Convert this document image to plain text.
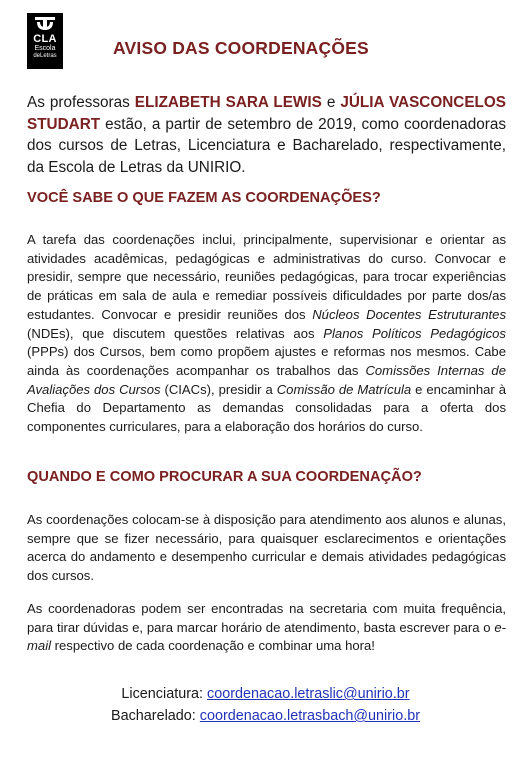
CLA
Escola
deLetras	AVISO DAS COORDENAÇÕES

As professoras ELIZABETH SARA LEWIS e JÚLIA VASCONCELOS STUDART estão, a partir de setembro de 2019, como coordenadoras dos cursos de Letras, Licenciatura e Bacharelado, respectivamente, da Escola de Letras da UNIRIO.

VOCÊ SABE O QUE FAZEM AS COORDENAÇÕES?

A tarefa das coordenações inclui, principalmente, supervisionar e orientar as atividades acadêmicas, pedagógicas e administrativas do curso. Convocar e presidir, sempre que necessário, reuniões pedagógicas, para trocar experiências de práticas em sala de aula e remediar possíveis dificuldades por parte dos/as estudantes. Convocar e presidir reuniões dos Núcleos Docentes Estruturantes (NDEs), que discutem questões relativas aos Planos Políticos Pedagógicos (PPPs) dos Cursos, bem como propõem ajustes e reformas nos mesmos. Cabe ainda às coordenações acompanhar os trabalhos das Comissões Internas de Avaliações dos Cursos (CIACs), presidir a Comissão de Matrícula e encaminhar à Chefia do Departamento as demandas consolidadas para a oferta dos componentes curriculares, para a elaboração dos horários do curso.

QUANDO E COMO PROCURAR A SUA COORDENAÇÃO?

As coordenações colocam-se à disposição para atendimento aos alunos e alunas, sempre que se fizer necessário, para quaisquer esclarecimentos e orientações acerca do andamento e desempenho curricular e demais atividades pedagógicas dos cursos.

As coordenadoras podem ser encontradas na secretaria com muita frequência, para tirar dúvidas e, para marcar horário de atendimento, basta escrever para o e-mail respectivo de cada coordenação e combinar uma hora!

Licenciatura: coordenacao.letraslic@unirio.br
Bacharelado: coordenacao.letrasbach@unirio.br
